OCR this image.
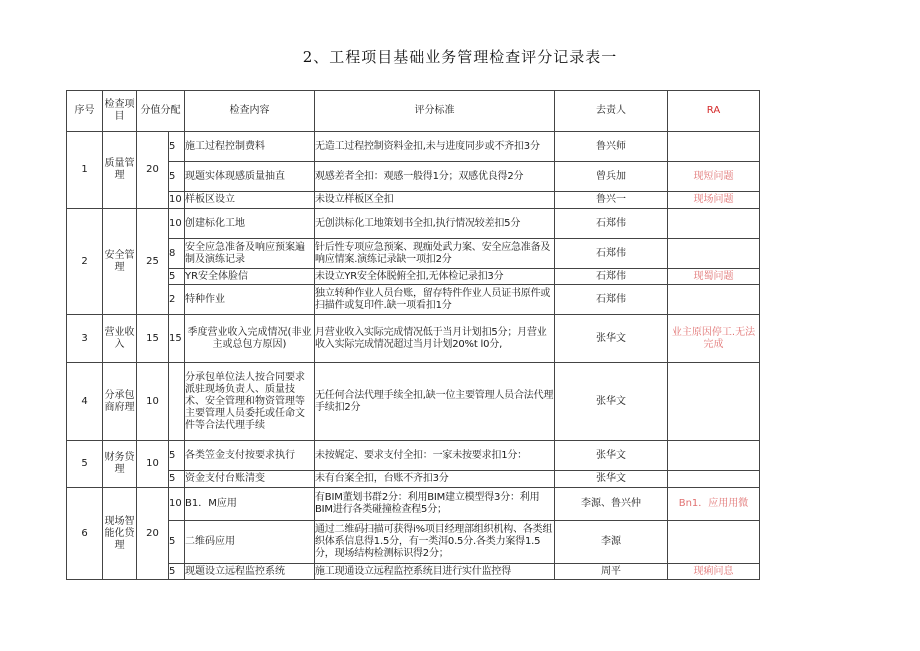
2、工程项目基础业务管理检查评分记录表一
序号	检查项目	分值分配		检查内容	评分标准	去责人	RA
1	质量管理	20	5	施工过程控制费料	无造工过程控制资料金扣,未与进度同步或不齐扣3分	鲁兴师	
			5	现题实体现感质量抽直	观感差者全扣：观感一般得1分；双感优良得2分	曾兵加	现短问题
			10	样板区设立	未设立样板区全扣	鲁兴一	现场问题
2	安全管理	25	10	创建标化工地	无创洪标化工地策划书全扣,执行情况较差扣5分	石郑伟	
			8	安全应急准备及响应预案遍制及演练记录	针后性专项应急预案、现痂处武力案、安全应急准备及响应情案.演练记录缺一项扣2分	石郑伟	
			5	YR安全体脸信	未设立YR安全体脱俯全扣,无体检记录扣3分	石郑伟	现蜀问题
			2	特种作业	独立转种作业人员台账，留存特件作业人员证书原件或扫描件或复印件.缺一项看扣1分	石郑伟	
3	营业收入	15	15	季度营业收入完成情况(非业主或总包方原因)	月营业收入实际完成情况低于当月计划扣5分；月营业收入实际完成情况超过当月计划20%t l0分,	张华文	业主原因停工.无法完成
4	分承包商府理	10		分承包单位法人按合同要求派驻现场负责人、质量技术、安全管理和物资管理等主要管理人员委托或任命文件等合法代理手续	无任何合法代理手续全扣,缺一位主要管理人员合法代理手续扣2分	张华文	
5	财务贷理	10	5	各类笠金支付按要求执行	未按娓定、要求支付全扣：一家未按要求扣1分：	张华文	
			5	资金支付台账清变	未有台案全扣，台账不齐扣3分	张华文	
6	现场智能化贷理	20	10	B1．M应用	有BIM董划书群2分：利用BIM建立模型得3分：利用BIM进行各类碰撞检查程5分；	李源、鲁兴仲	Bn1．应用用微
			5	二维码应用	通过二维码扫描可获得i%项目经理部组织机构、各类组织体系信息得1.5分，有一类洱0.5分.各类力案得1.5分，现场结构检测标识得2分；	李源	
			5	现题设立远程监控系统	施工现通设立远程监控系统目进行实什监控得	周平	现痢问息
